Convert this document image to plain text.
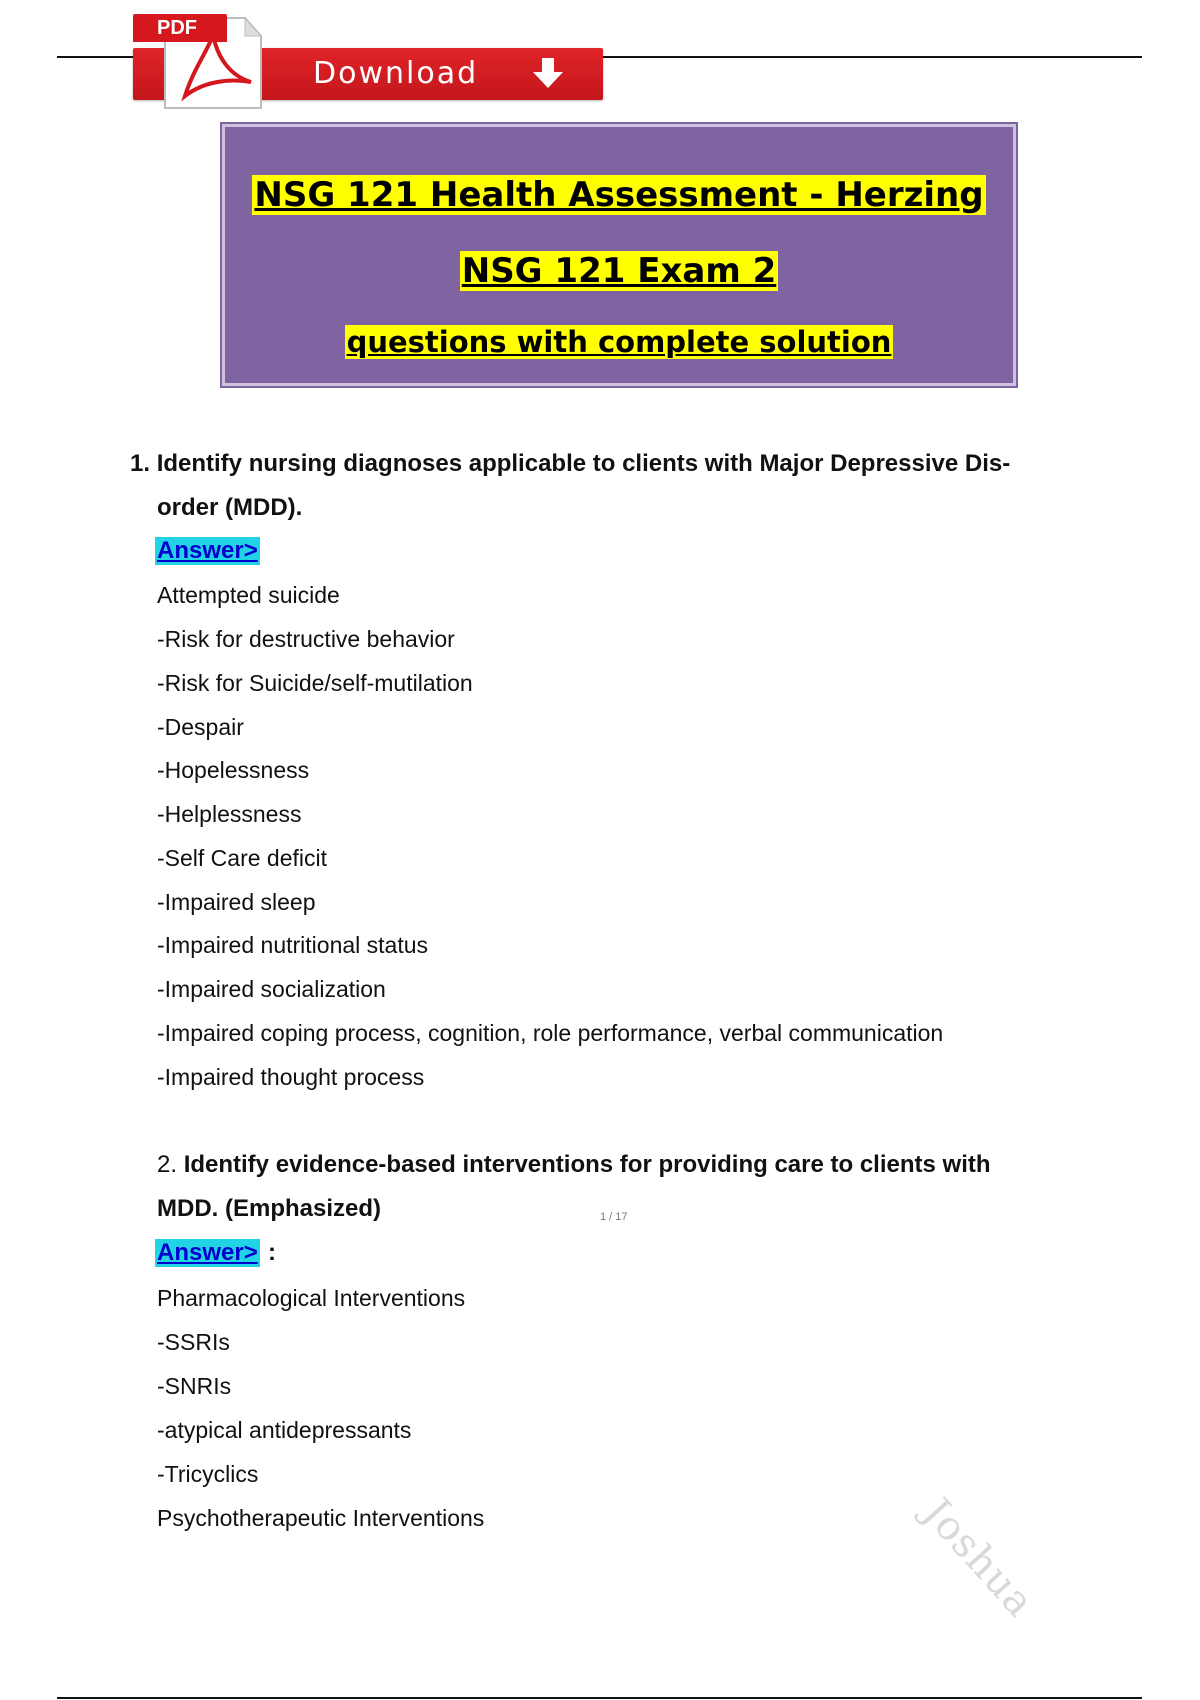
Download
PDF
NSG 121 Health Assessment - Herzing
NSG 121 Exam 2
questions with complete solution
1. Identify nursing diagnoses applicable to clients with Major Depressive Dis-
order (MDD).
Answer>
Attempted suicide
-Risk for destructive behavior
-Risk for Suicide/self-mutilation
-Despair
-Hopelessness
-Helplessness
-Self Care deficit
-Impaired sleep
-Impaired nutritional status
-Impaired socialization
-Impaired coping process, cognition, role performance, verbal communication
-Impaired thought process
2. Identify evidence-based interventions for providing care to clients with
MDD. (Emphasized)	1 / 17
Answer> :
Pharmacological Interventions
-SSRIs
-SNRIs
-atypical antidepressants
-Tricyclics
Psychotherapeutic Interventions	Joshua
